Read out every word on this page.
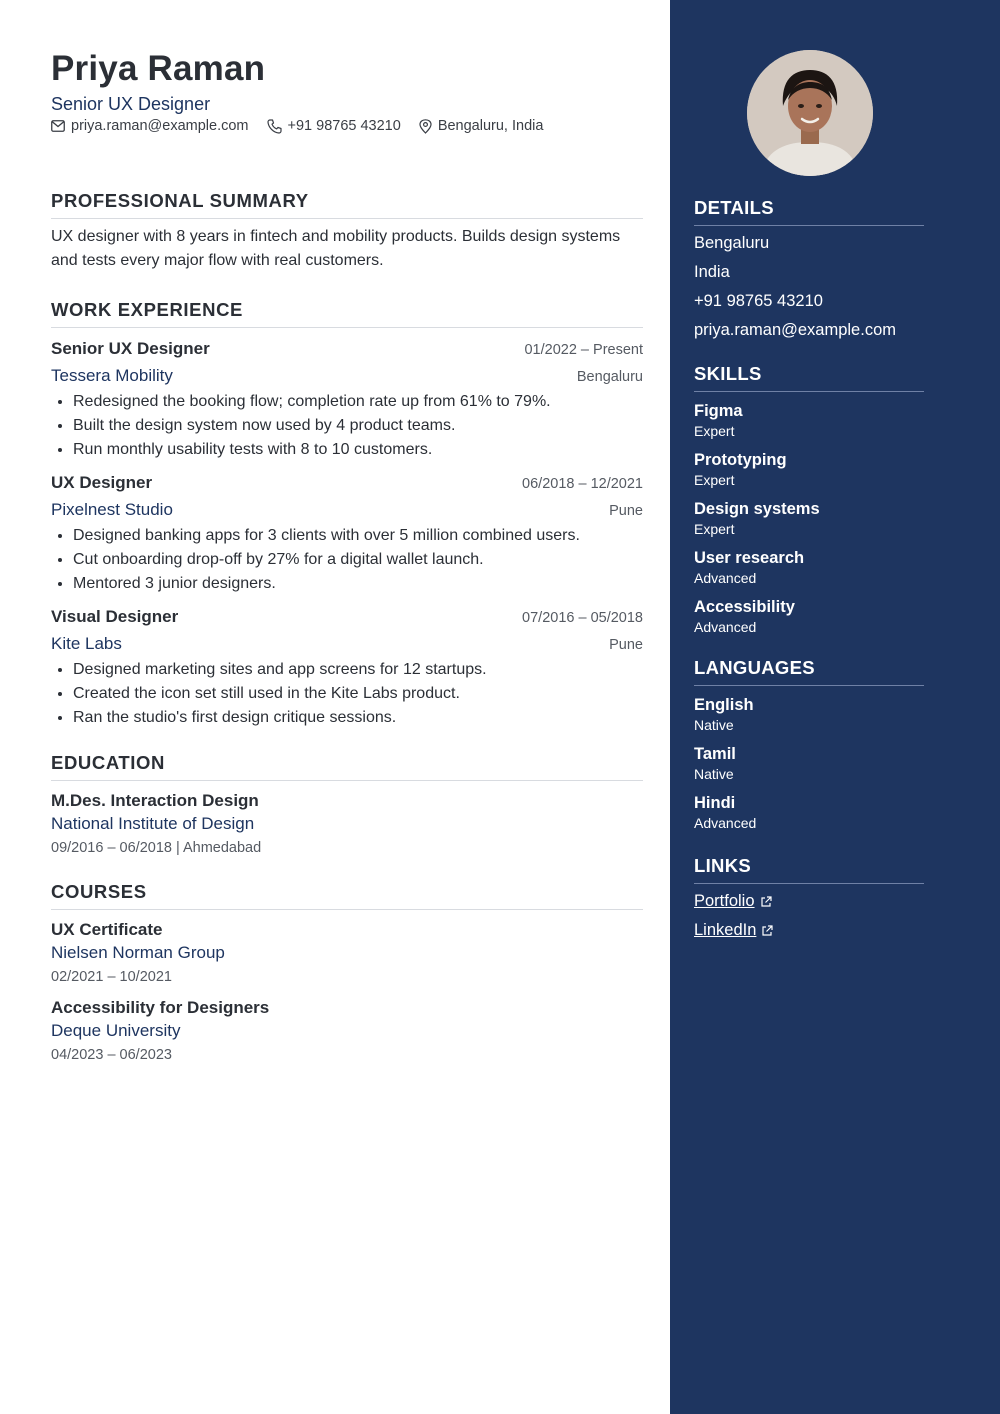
Priya Raman
Senior UX Designer
priya.raman@example.com	+91 98765 43210	Bengaluru, India
PROFESSIONAL SUMMARY
UX designer with 8 years in fintech and mobility products. Builds design systems and tests every major flow with real customers.
WORK EXPERIENCE
Senior UX Designer	01/2022 – Present
Tessera Mobility	Bengaluru
• Redesigned the booking flow; completion rate up from 61% to 79%.
• Built the design system now used by 4 product teams.
• Run monthly usability tests with 8 to 10 customers.
UX Designer	06/2018 – 12/2021
Pixelnest Studio	Pune
• Designed banking apps for 3 clients with over 5 million combined users.
• Cut onboarding drop-off by 27% for a digital wallet launch.
• Mentored 3 junior designers.
Visual Designer	07/2016 – 05/2018
Kite Labs	Pune
• Designed marketing sites and app screens for 12 startups.
• Created the icon set still used in the Kite Labs product.
• Ran the studio's first design critique sessions.
EDUCATION
M.Des. Interaction Design
National Institute of Design
09/2016 – 06/2018 | Ahmedabad
COURSES
UX Certificate
Nielsen Norman Group
02/2021 – 10/2021
Accessibility for Designers
Deque University
04/2023 – 06/2023
DETAILS
Bengaluru
India
+91 98765 43210
priya.raman@example.com
SKILLS
Figma
Expert
Prototyping
Expert
Design systems
Expert
User research
Advanced
Accessibility
Advanced
LANGUAGES
English
Native
Tamil
Native
Hindi
Advanced
LINKS
Portfolio
LinkedIn
